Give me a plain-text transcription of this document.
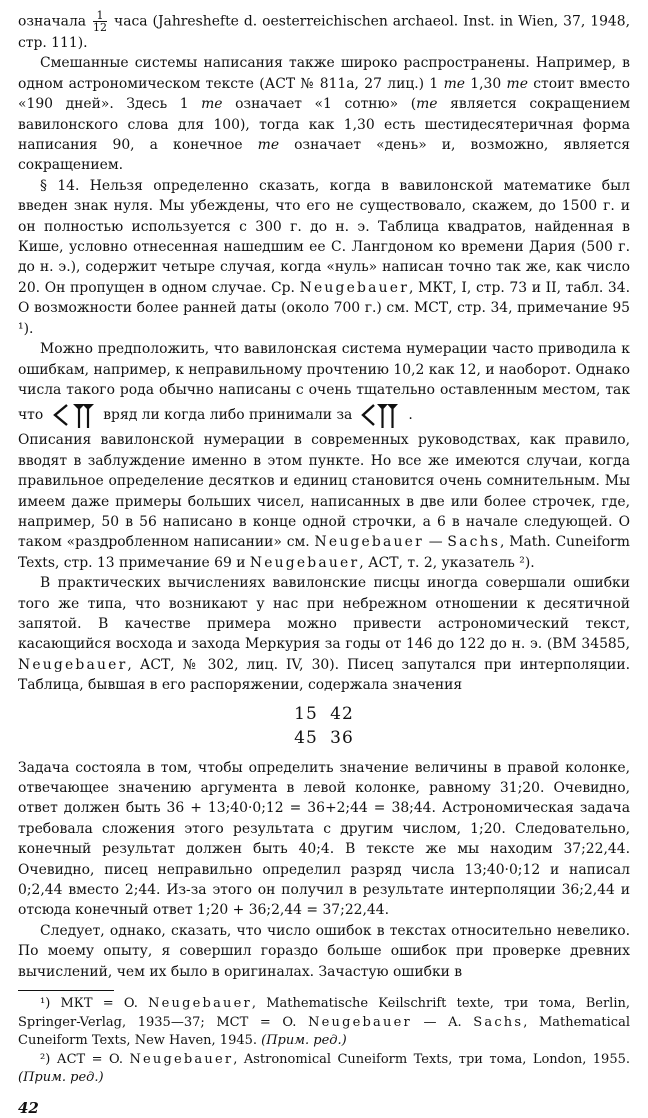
означала $\frac{1}{12}$ часа (Jahreshefte d. oesterreichischen archaeol. Inst. in Wien, 37, 1948, стр. 111).

Смешанные системы написания также широко распространены. Например, в одном астрономическом тексте (АСТ № 811а, 27 лиц.) 1 me 1,30 me стоит вместо «190 дней». Здесь 1 me означает «1 сотню» (me является сокращением вавилонского слова для 100), тогда как 1,30 есть шестидесятеричная форма написания 90, а конечное me означает «день» и, возможно, является сокращением.

§ 14. Нельзя определенно сказать, когда в вавилонской математике был введен знак нуля. Мы убеждены, что его не существовало, скажем, до 1500 г. и он полностью используется с 300 г. до н. э. Таблица квадратов, найденная в Кише, условно отнесенная нашедшим ее С. Лангдоном ко времени Дария (500 г. до н. э.), содержит четыре случая, когда «нуль» написан точно так же, как число 20. Он пропущен в одном случае. Ср. Neugebauer, МКТ, I, стр. 73 и II, табл. 34. О возможности более ранней даты (около 700 г.) см. МСТ, стр. 34, примечание 95 ¹).

Можно предположить, что вавилонская система нумерации часто приводила к ошибкам, например, к неправильному прочтению 10,2 как 12, и наоборот. Однако числа такого рода обычно написаны с очень тщательно оставленным местом, так что	вряд ли когда либо принимали за	.

Описания вавилонской нумерации в современных руководствах, как правило, вводят в заблуждение именно в этом пункте. Но все же имеются случаи, когда правильное определение десятков и единиц становится очень сомнительным. Мы имеем даже примеры больших чисел, написанных в две или более строчек, где, например, 50 в 56 написано в конце одной строчки, а 6 в начале следующей. О таком «раздробленном написании» см. Neugebauer — Sachs, Math. Cuneiform Texts, стр. 13 примечание 69 и Neugebauer, АСТ, т. 2, указатель ²).

В практических вычислениях вавилонские писцы иногда совершали ошибки того же типа, что возникают у нас при небрежном отношении к десятичной запятой. В качестве примера можно привести астрономический текст, касающийся восхода и захода Меркурия за годы от 146 до 122 до н. э. (ВМ 34585, Neugebauer, АСТ, № 302, лиц. IV, 30). Писец запутался при интерполяции. Таблица, бывшая в его распоряжении, содержала значения

15 42
45 36

Задача состояла в том, чтобы определить значение величины в правой колонке, отвечающее значению аргумента в левой колонке, равному 31;20. Очевидно, ответ должен быть 36 + 13;40·0;12 = 36+2;44 = 38;44. Астрономическая задача требовала сложения этого результата с другим числом, 1;20. Следовательно, конечный результат должен быть 40;4. В тексте же мы находим 37;22,44. Очевидно, писец неправильно определил разряд числа 13;40·0;12 и написал 0;2,44 вместо 2;44. Из-за этого он получил в результате интерполяции 36;2,44 и отсюда конечный ответ 1;20 + 36;2,44 = 37;22,44.

Следует, однако, сказать, что число ошибок в текстах относительно невелико. По моему опыту, я совершил гораздо больше ошибок при проверке древних вычислений, чем их было в оригиналах. Зачастую ошибки в

¹) МКТ = O. Neugebauer, Mathematische Keilschrift texte, три тома, Berlin, Springer-Verlag, 1935—37; МСТ = O. Neugebauer — A. Sachs, Mathematical Cuneiform Texts, New Haven, 1945. (Прим. ред.)

²) АСТ = O. Neugebauer, Astronomical Cuneiform Texts, три тома, London, 1955. (Прим. ред.)

42
